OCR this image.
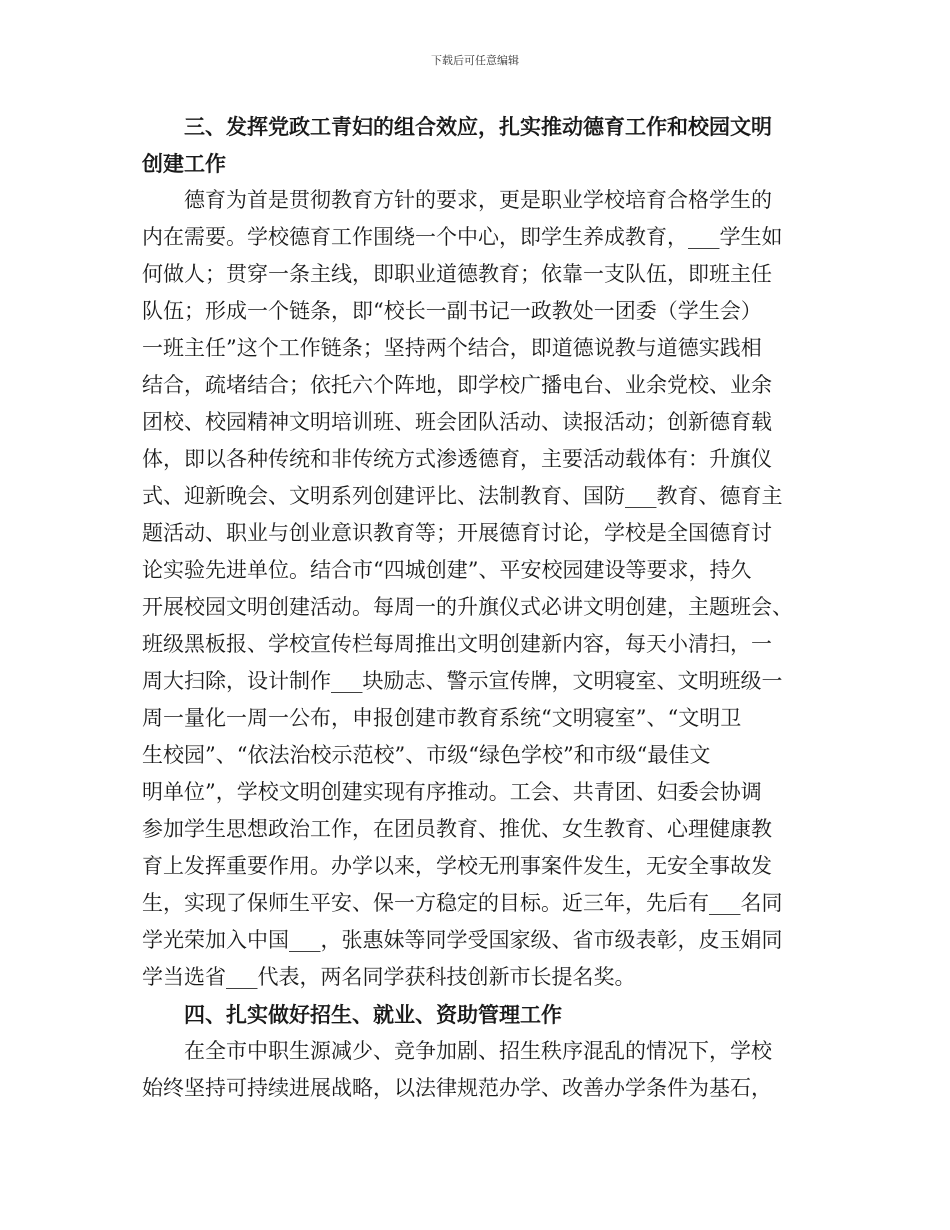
下载后可任意编辑
三、发挥党政工青妇的组合效应，扎实推动德育工作和校园文明
创建工作
德育为首是贯彻教育方针的要求，更是职业学校培育合格学生的
内在需要。学校德育工作围绕一个中心，即学生养成教育，___学生如
何做人；贯穿一条主线，即职业道德教育；依靠一支队伍，即班主任
队伍；形成一个链条，即“校长一副书记一政教处一团委（学生会）
一班主任”这个工作链条；坚持两个结合，即道德说教与道德实践相
结合，疏堵结合；依托六个阵地，即学校广播电台、业余党校、业余
团校、校园精神文明培训班、班会团队活动、读报活动；创新德育载
体，即以各种传统和非传统方式渗透德育，主要活动载体有：升旗仪
式、迎新晚会、文明系列创建评比、法制教育、国防___教育、德育主
题活动、职业与创业意识教育等；开展德育讨论，学校是全国德育讨
论实验先进单位。结合市“四城创建”、平安校园建设等要求，持久
开展校园文明创建活动。每周一的升旗仪式必讲文明创建，主题班会、
班级黑板报、学校宣传栏每周推出文明创建新内容，每天小清扫，一
周大扫除，设计制作___块励志、警示宣传牌，文明寝室、文明班级一
周一量化一周一公布，申报创建市教育系统“文明寝室”、“文明卫
生校园”、“依法治校示范校”、市级“绿色学校”和市级“最佳文
明单位”，学校文明创建实现有序推动。工会、共青团、妇委会协调
参加学生思想政治工作，在团员教育、推优、女生教育、心理健康教
育上发挥重要作用。办学以来，学校无刑事案件发生，无安全事故发
生，实现了保师生平安、保一方稳定的目标。近三年，先后有___名同
学光荣加入中国___，张惠妹等同学受国家级、省市级表彰，皮玉娟同
学当选省___代表，两名同学获科技创新市长提名奖。
四、扎实做好招生、就业、资助管理工作
在全市中职生源减少、竞争加剧、招生秩序混乱的情况下，学校
始终坚持可持续进展战略，以法律规范办学、改善办学条件为基石，
